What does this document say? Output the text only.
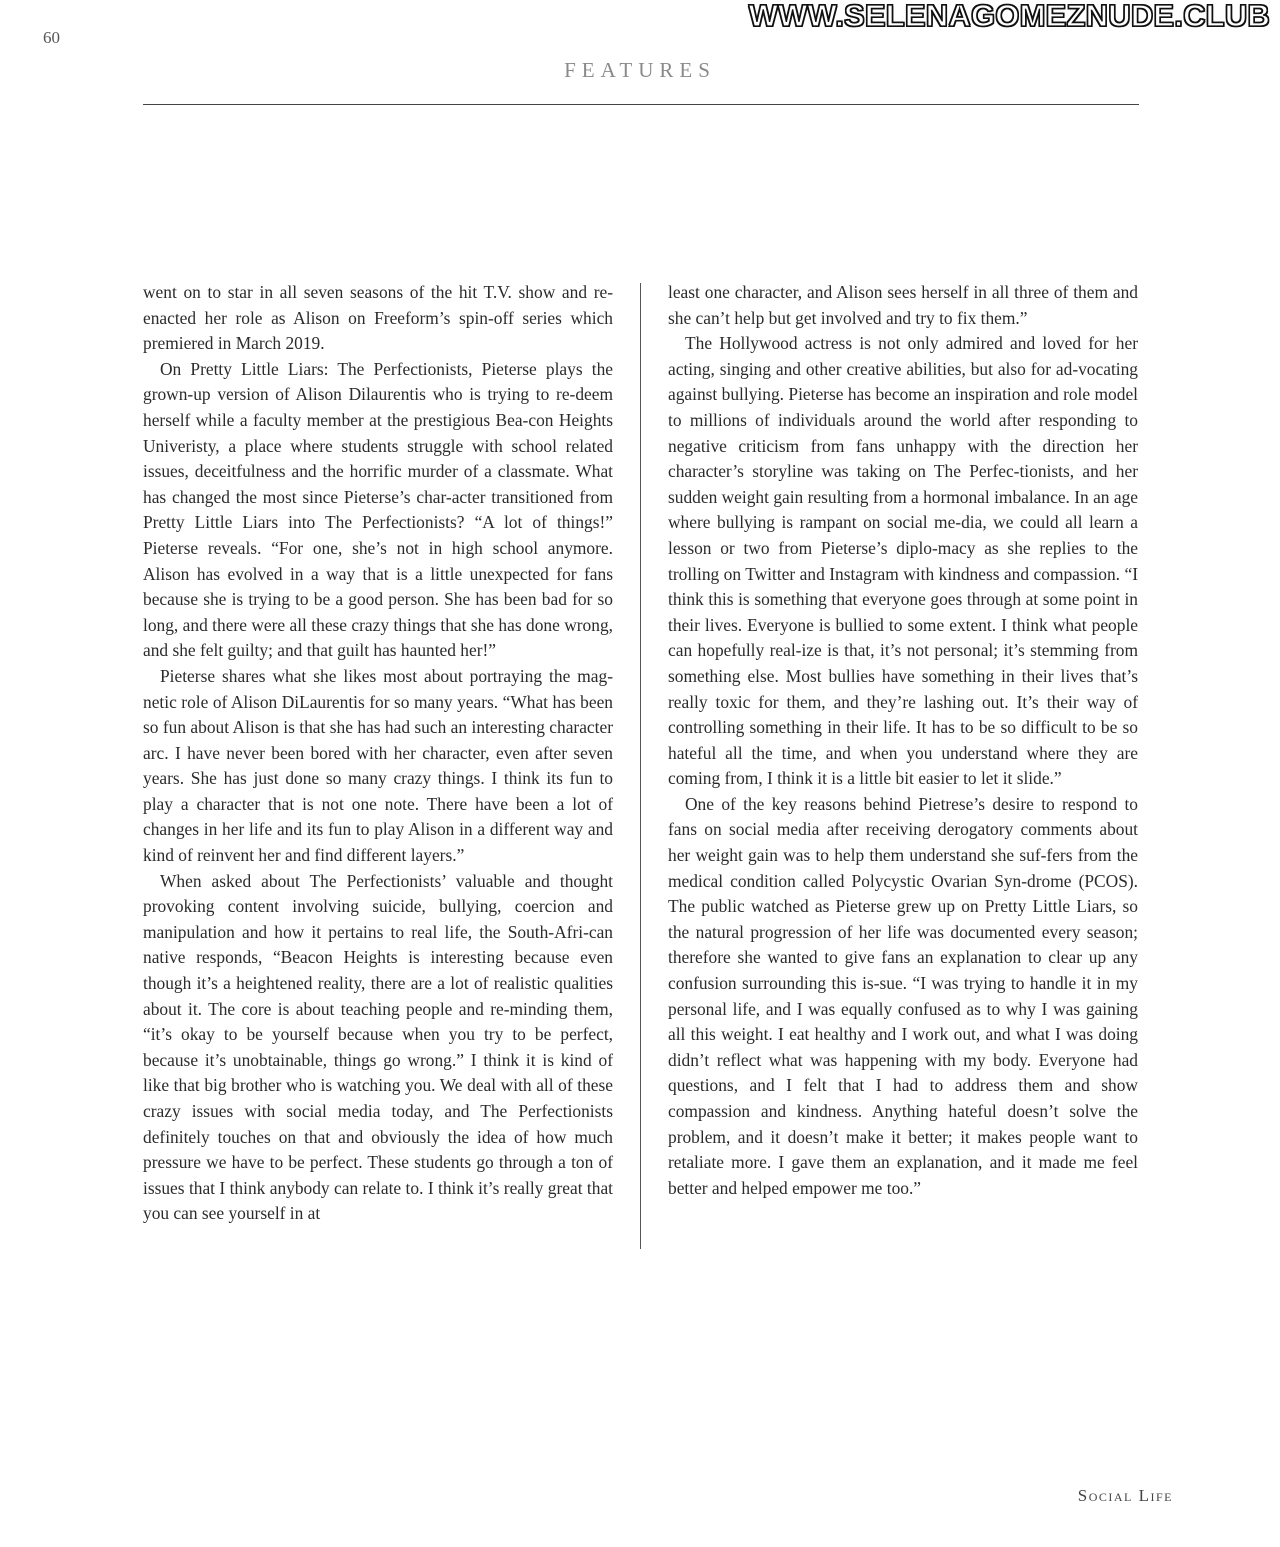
60
WWW.SELENAGOMEZNUDE.CLUB
FEATURES

went on to star in all seven seasons of the hit T.V. show and re-enacted her role as Alison on Freeform’s spin-off series which premiered in March 2019.

On Pretty Little Liars: The Perfectionists, Pieterse plays the grown-up version of Alison Dilaurentis who is trying to re-deem herself while a faculty member at the prestigious Bea-con Heights Univeristy, a place where students struggle with school related issues, deceitfulness and the horrific murder of a classmate. What has changed the most since Pieterse’s char-acter transitioned from Pretty Little Liars into The Perfectionists? “A lot of things!” Pieterse reveals. “For one, she’s not in high school anymore. Alison has evolved in a way that is a little unexpected for fans because she is trying to be a good person. She has been bad for so long, and there were all these crazy things that she has done wrong, and she felt guilty; and that guilt has haunted her!”

Pieterse shares what she likes most about portraying the mag-netic role of Alison DiLaurentis for so many years. “What has been so fun about Alison is that she has had such an interesting character arc. I have never been bored with her character, even after seven years. She has just done so many crazy things. I think its fun to play a character that is not one note. There have been a lot of changes in her life and its fun to play Alison in a different way and kind of reinvent her and find different layers.”

When asked about The Perfectionists’ valuable and thought provoking content involving suicide, bullying, coercion and manipulation and how it pertains to real life, the South-Afri-can native responds, “Beacon Heights is interesting because even though it’s a heightened reality, there are a lot of realistic qualities about it. The core is about teaching people and re-minding them, “it’s okay to be yourself because when you try to be perfect, because it’s unobtainable, things go wrong.” I think it is kind of like that big brother who is watching you. We deal with all of these crazy issues with social media today, and The Perfectionists definitely touches on that and obviously the idea of how much pressure we have to be perfect. These students go through a ton of issues that I think anybody can relate to. I think it’s really great that you can see yourself in at

least one character, and Alison sees herself in all three of them and she can’t help but get involved and try to fix them.”

The Hollywood actress is not only admired and loved for her acting, singing and other creative abilities, but also for ad-vocating against bullying. Pieterse has become an inspiration and role model to millions of individuals around the world after responding to negative criticism from fans unhappy with the direction her character’s storyline was taking on The Perfec-tionists, and her sudden weight gain resulting from a hormonal imbalance. In an age where bullying is rampant on social me-dia, we could all learn a lesson or two from Pieterse’s diplo-macy as she replies to the trolling on Twitter and Instagram with kindness and compassion. “I think this is something that everyone goes through at some point in their lives. Everyone is bullied to some extent. I think what people can hopefully real-ize is that, it’s not personal; it’s stemming from something else. Most bullies have something in their lives that’s really toxic for them, and they’re lashing out. It’s their way of controlling something in their life. It has to be so difficult to be so hateful all the time, and when you understand where they are coming from, I think it is a little bit easier to let it slide.”

One of the key reasons behind Pietrese’s desire to respond to fans on social media after receiving derogatory comments about her weight gain was to help them understand she suf-fers from the medical condition called Polycystic Ovarian Syn-drome (PCOS). The public watched as Pieterse grew up on Pretty Little Liars, so the natural progression of her life was documented every season; therefore she wanted to give fans an explanation to clear up any confusion surrounding this is-sue. “I was trying to handle it in my personal life, and I was equally confused as to why I was gaining all this weight. I eat healthy and I work out, and what I was doing didn’t reflect what was happening with my body. Everyone had questions, and I felt that I had to address them and show compassion and kindness. Anything hateful doesn’t solve the problem, and it doesn’t make it better; it makes people want to retaliate more. I gave them an explanation, and it made me feel better and helped empower me too.”

Social Life
